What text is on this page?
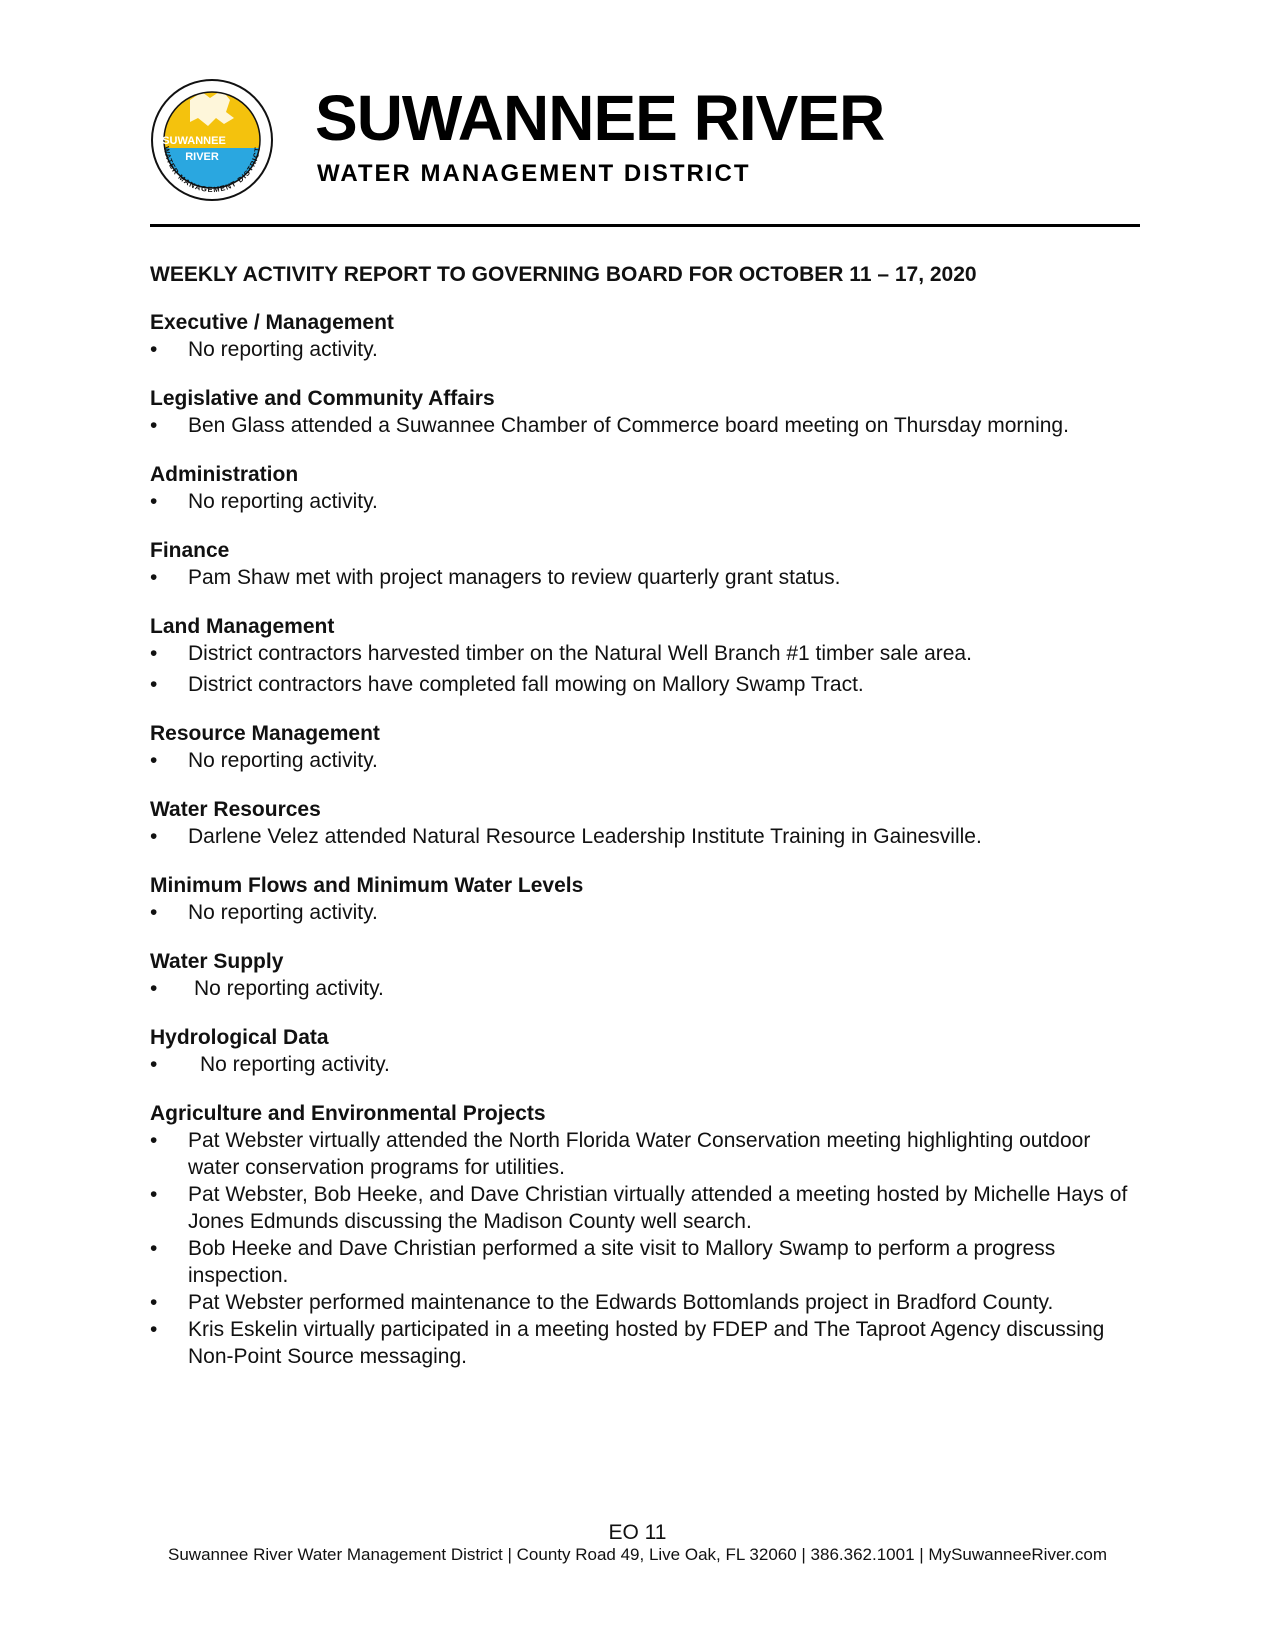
SUWANNEE
RIVER
WATER MANAGEMENT DISTRICT SUWANNEE RIVER
WATER MANAGEMENT DISTRICT
WEEKLY ACTIVITY REPORT TO GOVERNING BOARD FOR OCTOBER 11 – 17, 2020
Executive / Management
• No reporting activity.
Legislative and Community Affairs
• Ben Glass attended a Suwannee Chamber of Commerce board meeting on Thursday morning.
Administration
• No reporting activity.
Finance
• Pam Shaw met with project managers to review quarterly grant status.
Land Management
• District contractors harvested timber on the Natural Well Branch #1 timber sale area.
• District contractors have completed fall mowing on Mallory Swamp Tract.
Resource Management
• No reporting activity.
Water Resources
• Darlene Velez attended Natural Resource Leadership Institute Training in Gainesville.
Minimum Flows and Minimum Water Levels
• No reporting activity.
Water Supply
• No reporting activity.
Hydrological Data
• No reporting activity.
Agriculture and Environmental Projects
• Pat Webster virtually attended the North Florida Water Conservation meeting highlighting outdoor water conservation programs for utilities.
• Pat Webster, Bob Heeke, and Dave Christian virtually attended a meeting hosted by Michelle Hays of Jones Edmunds discussing the Madison County well search.
• Bob Heeke and Dave Christian performed a site visit to Mallory Swamp to perform a progress inspection.
• Pat Webster performed maintenance to the Edwards Bottomlands project in Bradford County.
• Kris Eskelin virtually participated in a meeting hosted by FDEP and The Taproot Agency discussing Non-Point Source messaging.
EO 11
Suwannee River Water Management District | County Road 49, Live Oak, FL 32060 | 386.362.1001 | MySuwanneeRiver.com
